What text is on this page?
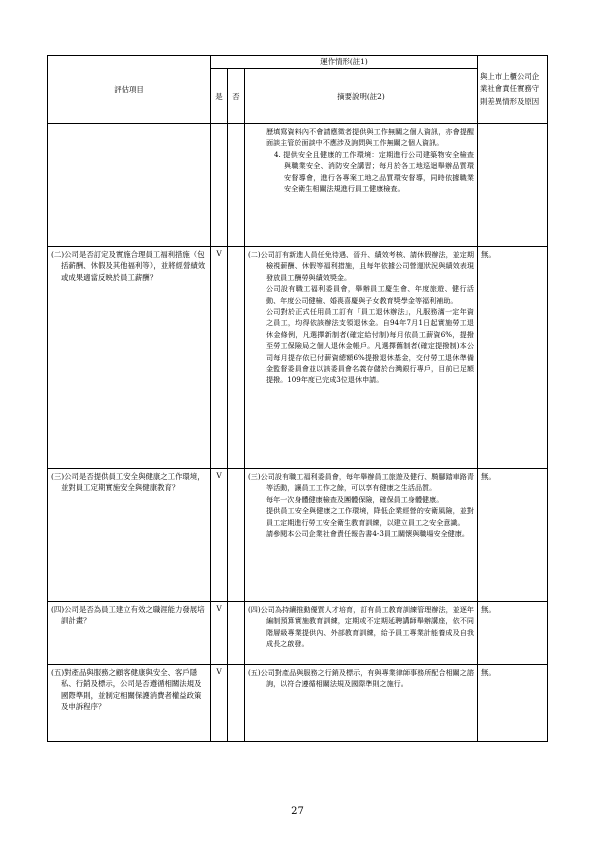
評估項目	運作情形(註1)			與上市上櫃公司企業社會責任實務守則差異情形及原因
	是	否	摘要說明(註2)	

			歷填寫資料內不會請應徵者提供與工作無關之個人資訊，亦會提醒面談主管於面談中不應涉及詢問與工作無關之個人資訊。

4. 提供安全且健康的工作環境：定期進行公司建築物安全檢查與職業安全、消防安全講習；每月於各工地巡迴舉辦品質環安督導會，進行各專案工地之品質環安督導，同時依據職業安全衛生相關法規進行員工健康檢查。	

(二)公司是否訂定及實施合理員工福利措施（包括薪酬、休假及其他福利等），並將經營績效或成果適當反映於員工薪酬？	V		(二)公司訂有新進人員任免待遇、晉升、績效考核、請休假辦法，並定期檢視薪酬、休假等福利措施，且每年依據公司營運狀況與績效表現發放員工酬勞與績效獎金。

公司設有職工福利委員會，舉辦員工慶生會、年度旅遊、健行活動、年度公司健檢、婚喪喜慶與子女教育獎學金等福利補助。

公司對於正式任用員工訂有「員工退休辦法」，凡服務滿一定年資之員工，均得依該辦法支領退休金。自94年7月1日起實施勞工退休金條例，凡選擇新制者(確定給付制)每月依員工薪資6%，提撥至勞工保險局之個人退休金帳戶。凡選擇舊制者(確定提撥制)本公司每月提存依已付薪資總額6%提撥退休基金，交付勞工退休準備金監督委員會並以該委員會名義存儲於台灣銀行專戶，目前已足額提撥。109年度已完成3位退休申請。	無。

(三)公司是否提供員工安全與健康之工作環境，並對員工定期實施安全與健康教育？	V		(三)公司設有職工福利委員會，每年舉辦員工旅遊及健行、騎腳踏車路青等活動，讓員工工作之餘，可以享有健康之生活品質。

每年一次身體健康檢查及團體保險，確保員工身體健康。

提供員工安全與健康之工作環境，降低企業經營的安衛風險，並對員工定期進行勞工安全衛生教育訓練，以建立員工之安全意識。

請參閱本公司企業社會責任報告書4-3員工關懷與職場安全健康。	無。

(四)公司是否為員工建立有效之職涯能力發展培訓計畫？	V		(四)公司為持續推動優質人才培育，訂有員工教育訓練管理辦法，並逐年編制預算實施教育訓練，定期或不定期延聘講師舉辦講座，依不同階層級專業提供內、外部教育訓練，給予員工專業計能養成及自我成長之啟發。	無。

(五)對產品與服務之顧客健康與安全、客戶隱私、行銷及標示，公司是否遵循相關法規及國際準則，並制定相關保護消費者權益政策及申訴程序？	V		(五)公司對產品與服務之行銷及標示，有與專業律師事務所配合相關之諮詢，以符合遵循相關法規及國際準則之施行。	無。
27
